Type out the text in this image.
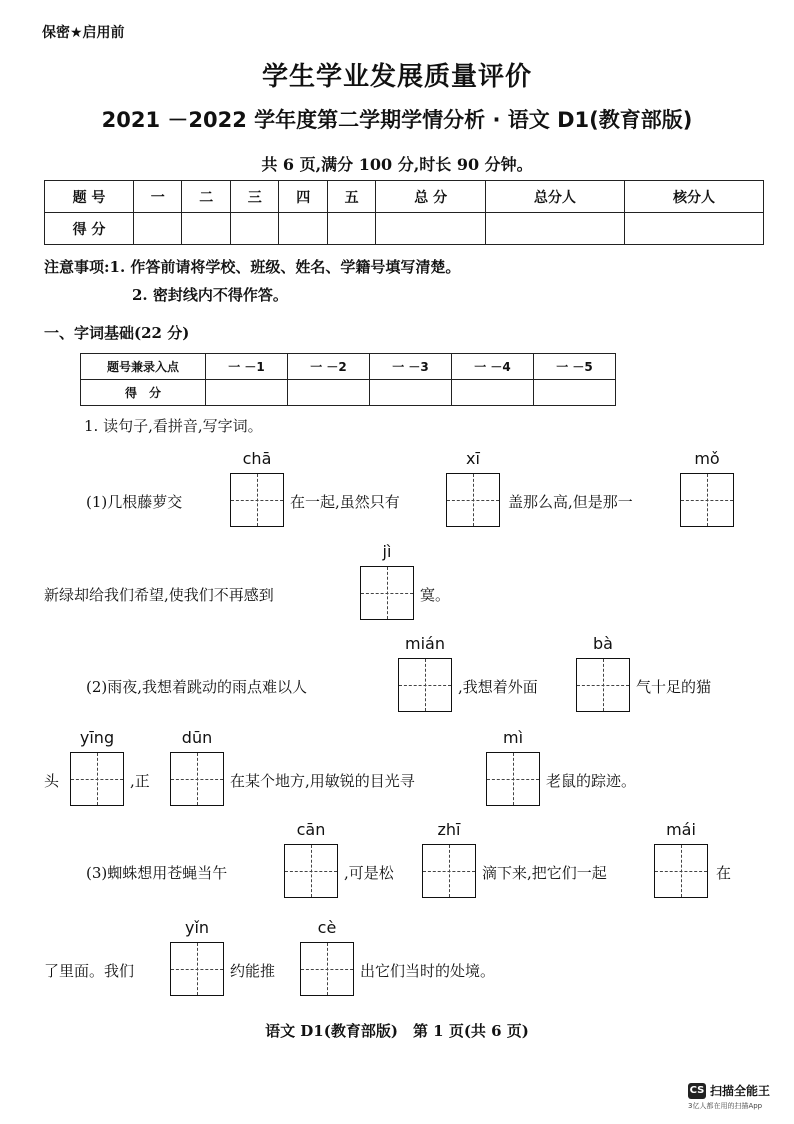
保密★启用前
学生学业发展质量评价
2021 －2022 学年度第二学期学情分析 · 语文 D1(教育部版)
共 6 页,满分 100 分,时长 90 分钟。
题 号	一	二	三	四	五	总 分	总分人	核分人
得 分								
注意事项:1. 作答前请将学校、班级、姓名、学籍号填写清楚。
2. 密封线内不得作答。
一、字词基础(22 分)
题号兼录入点	一 －1	一 －2	一 －3	一 －4	一 －5
得　分					
1. 读句子,看拼音,写字词。
(1)几根藤萝交
chā
在一起,虽然只有
xī
盖那么高,但是那一
mǒ
新绿却给我们希望,使我们不再感到
jì
寞。
(2)雨夜,我想着跳动的雨点难以人
mián
,我想着外面
bà
气十足的猫
头
yīng
,正
dūn
在某个地方,用敏锐的目光寻
mì
老鼠的踪迹。
(3)蜘蛛想用苍蝇当午
cān
,可是松
zhī
滴下来,把它们一起
mái
在
了里面。我们
yǐn
约能推
cè
出它们当时的处境。
语文 D1(教育部版)　第 1 页(共 6 页)
CS 扫描全能王
3亿人都在用的扫描App
